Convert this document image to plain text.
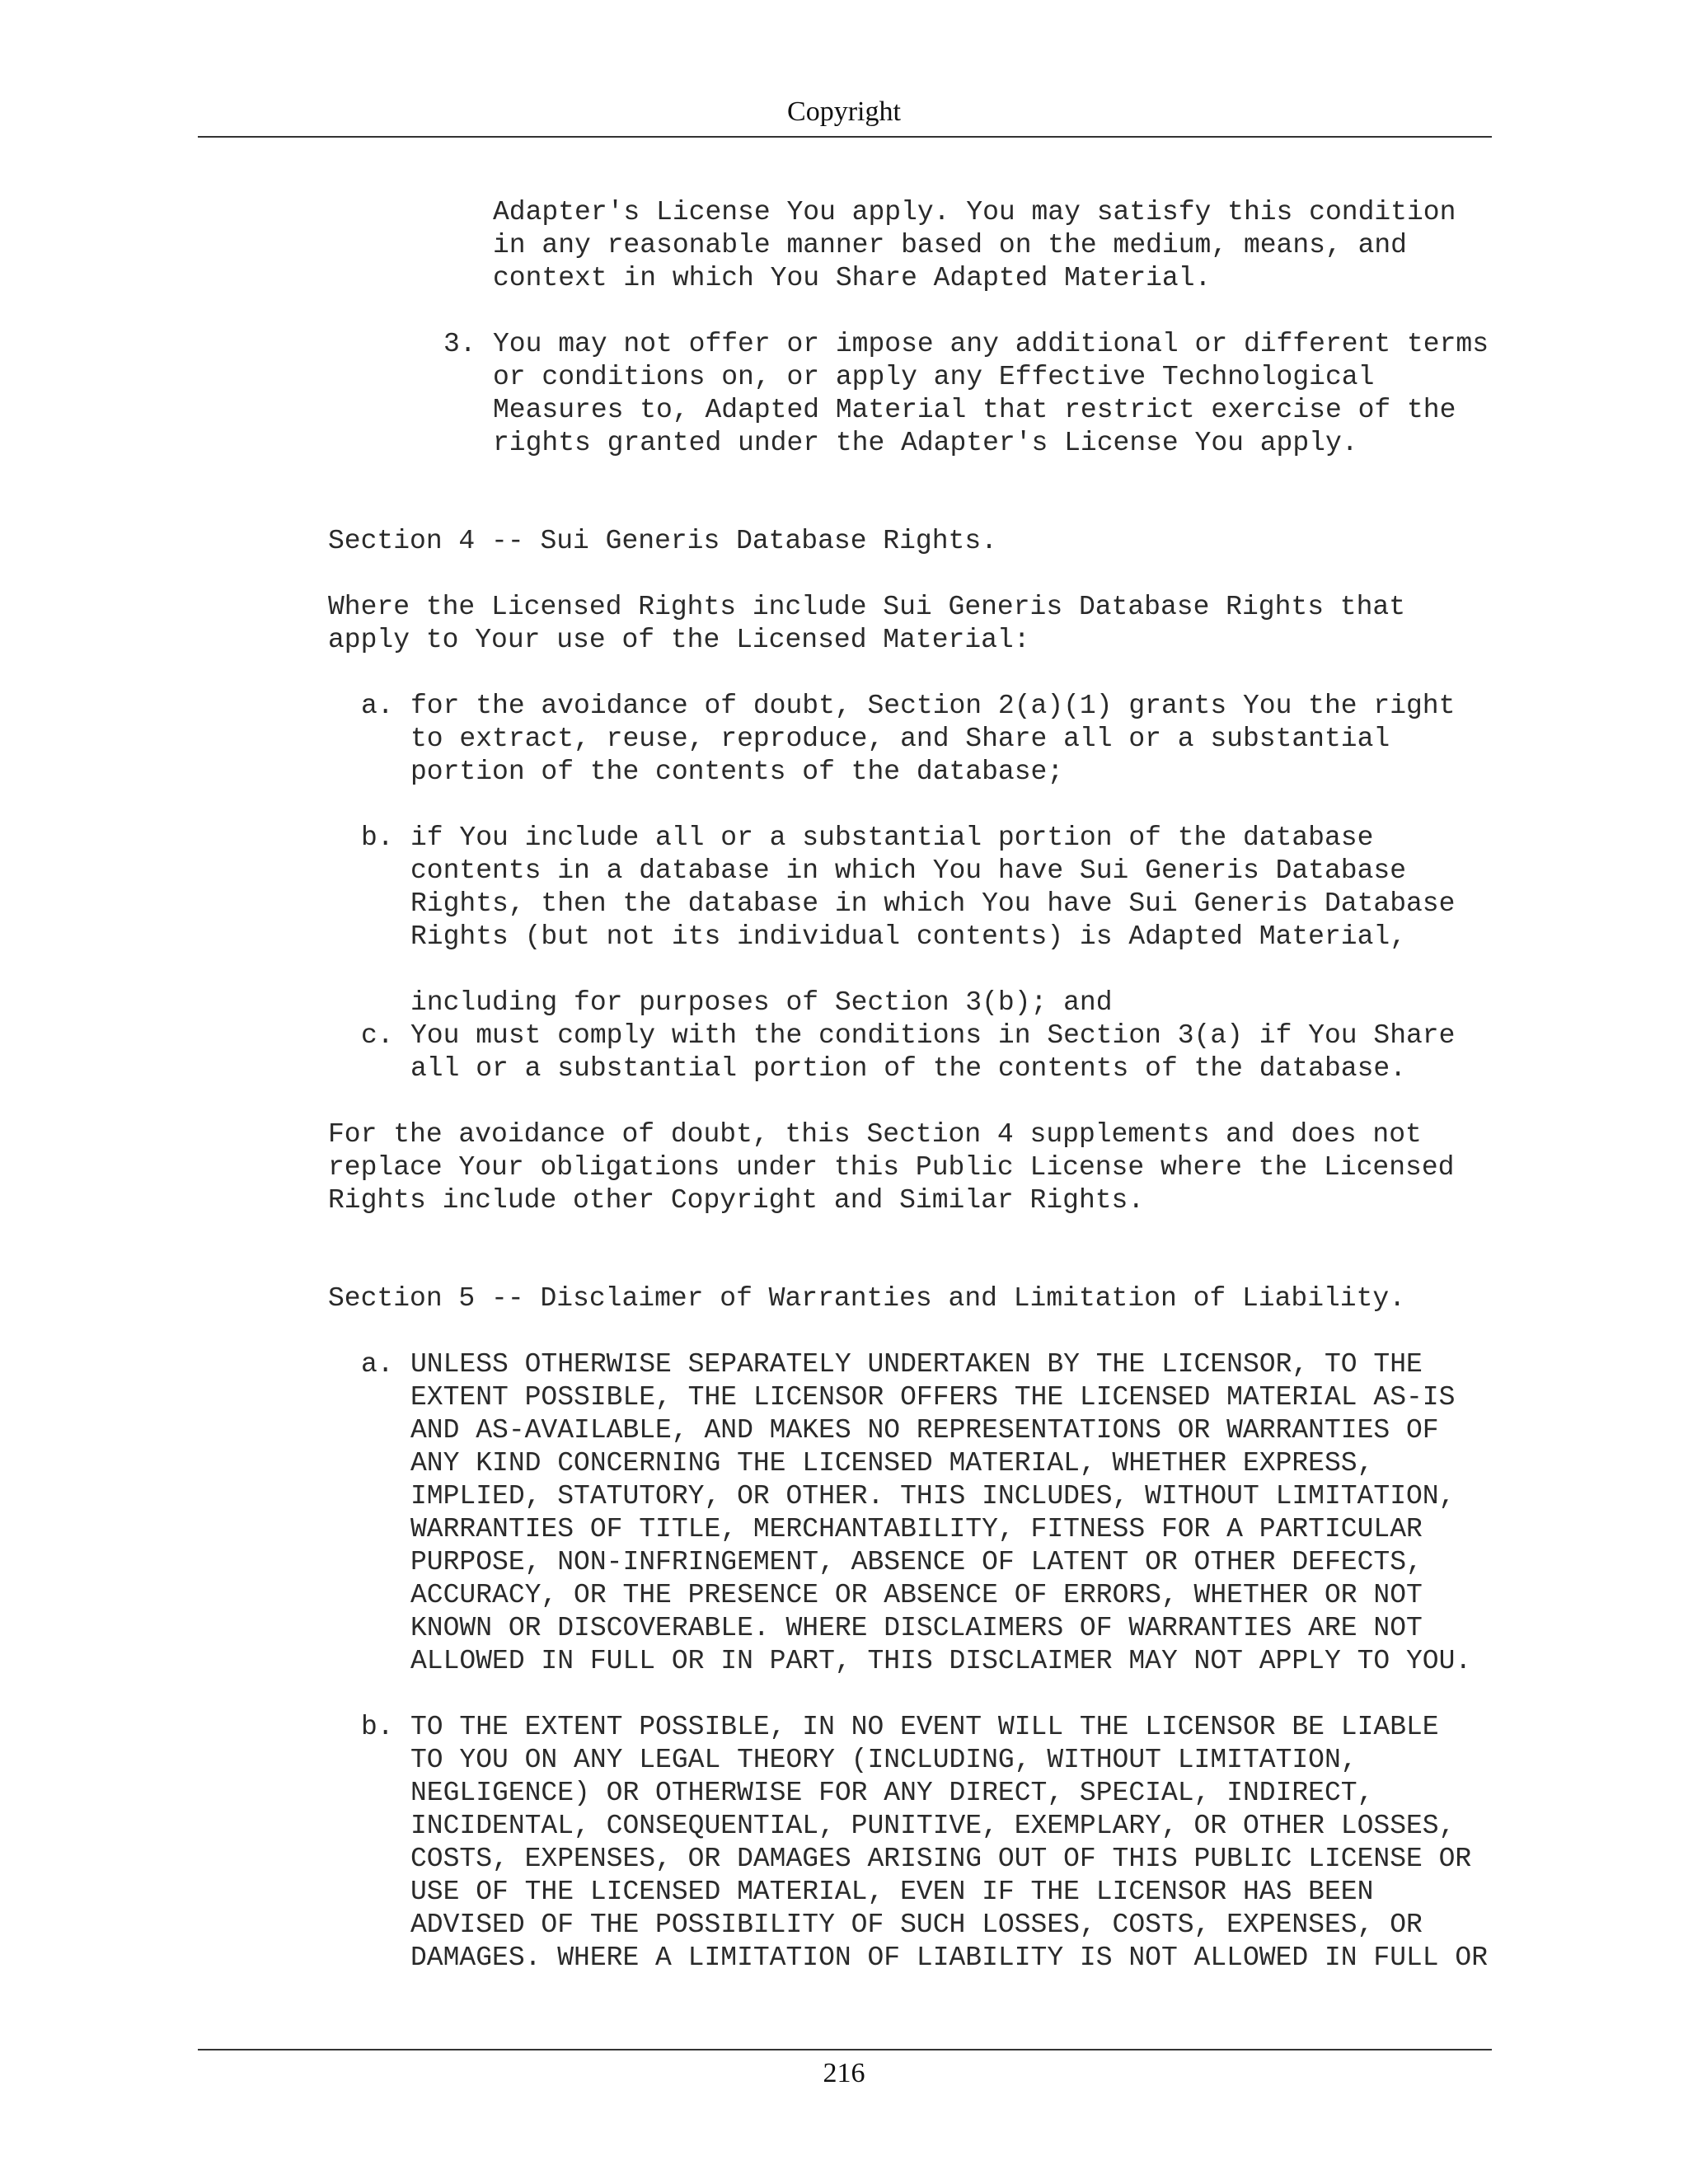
Copyright
Adapter's License You apply. You may satisfy this condition
in any reasonable manner based on the medium, means, and
context in which You Share Adapted Material.
3. You may not offer or impose any additional or different terms
or conditions on, or apply any Effective Technological
Measures to, Adapted Material that restrict exercise of the
rights granted under the Adapter's License You apply.
Section 4 -- Sui Generis Database Rights.
Where the Licensed Rights include Sui Generis Database Rights that
apply to Your use of the Licensed Material:
a. for the avoidance of doubt, Section 2(a)(1) grants You the right
to extract, reuse, reproduce, and Share all or a substantial
portion of the contents of the database;
b. if You include all or a substantial portion of the database
contents in a database in which You have Sui Generis Database
Rights, then the database in which You have Sui Generis Database
Rights (but not its individual contents) is Adapted Material,
including for purposes of Section 3(b); and
c. You must comply with the conditions in Section 3(a) if You Share
all or a substantial portion of the contents of the database.
For the avoidance of doubt, this Section 4 supplements and does not
replace Your obligations under this Public License where the Licensed
Rights include other Copyright and Similar Rights.
Section 5 -- Disclaimer of Warranties and Limitation of Liability.
a. UNLESS OTHERWISE SEPARATELY UNDERTAKEN BY THE LICENSOR, TO THE
EXTENT POSSIBLE, THE LICENSOR OFFERS THE LICENSED MATERIAL AS-IS
AND AS-AVAILABLE, AND MAKES NO REPRESENTATIONS OR WARRANTIES OF
ANY KIND CONCERNING THE LICENSED MATERIAL, WHETHER EXPRESS,
IMPLIED, STATUTORY, OR OTHER. THIS INCLUDES, WITHOUT LIMITATION,
WARRANTIES OF TITLE, MERCHANTABILITY, FITNESS FOR A PARTICULAR
PURPOSE, NON-INFRINGEMENT, ABSENCE OF LATENT OR OTHER DEFECTS,
ACCURACY, OR THE PRESENCE OR ABSENCE OF ERRORS, WHETHER OR NOT
KNOWN OR DISCOVERABLE. WHERE DISCLAIMERS OF WARRANTIES ARE NOT
ALLOWED IN FULL OR IN PART, THIS DISCLAIMER MAY NOT APPLY TO YOU.
b. TO THE EXTENT POSSIBLE, IN NO EVENT WILL THE LICENSOR BE LIABLE
TO YOU ON ANY LEGAL THEORY (INCLUDING, WITHOUT LIMITATION,
NEGLIGENCE) OR OTHERWISE FOR ANY DIRECT, SPECIAL, INDIRECT,
INCIDENTAL, CONSEQUENTIAL, PUNITIVE, EXEMPLARY, OR OTHER LOSSES,
COSTS, EXPENSES, OR DAMAGES ARISING OUT OF THIS PUBLIC LICENSE OR
USE OF THE LICENSED MATERIAL, EVEN IF THE LICENSOR HAS BEEN
ADVISED OF THE POSSIBILITY OF SUCH LOSSES, COSTS, EXPENSES, OR
DAMAGES. WHERE A LIMITATION OF LIABILITY IS NOT ALLOWED IN FULL OR
216
